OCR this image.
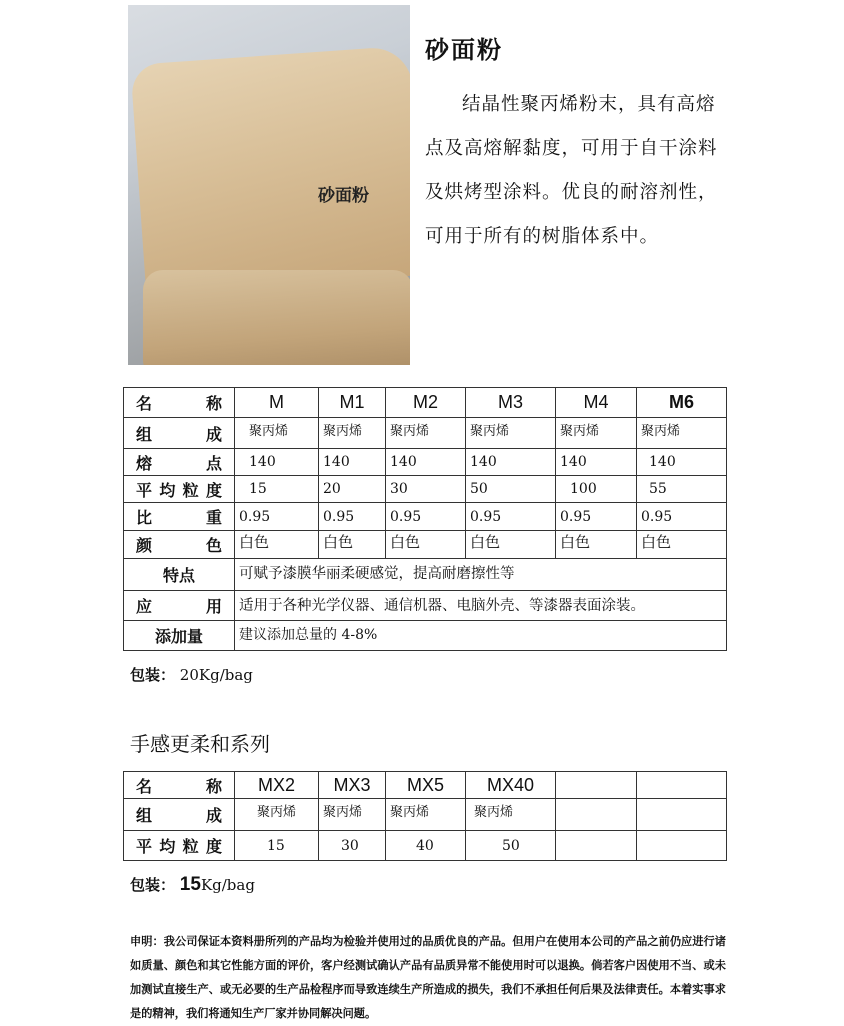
砂面粉
砂面粉
结晶性聚丙烯粉末，具有高熔点及高熔解黏度，可用于自干涂料及烘烤型涂料。优良的耐溶剂性，可用于所有的树脂体系中。
名　称	M	M1	M2	M3	M4	M6
组　成	聚丙烯	聚丙烯	聚丙烯	聚丙烯	聚丙烯	聚丙烯
熔　点	140	140	140	140	140	140
平均粒度	15	20	30	50	100	55
比　重	0.95	0.95	0.95	0.95	0.95	0.95
颜　色	白色	白色	白色	白色	白色	白色
特点	可赋予漆膜华丽柔硬感觉，提高耐磨擦性等					
应　用	适用于各种光学仪器、通信机器、电脑外壳、等漆器表面涂装。					
添加量	建议添加总量的 4-8%					
包装： 20Kg/bag
手感更柔和系列
名　称	MX2	MX3	MX5	MX40		
组　成	聚丙烯	聚丙烯	聚丙烯	聚丙烯		
平均粒度	15	30	40	50		
包装： 15Kg/bag
申明：我公司保证本资料册所列的产品均为检验并使用过的品质优良的产品。但用户在使用本公司的产品之前仍应进行诸如质量、颜色和其它性能方面的评价，客户经测试确认产品有品质异常不能使用时可以退换。倘若客户因使用不当、或未加测试直接生产、或无必要的生产品检程序而导致连续生产所造成的损失，我们不承担任何后果及法律责任。本着实事求是的精神，我们将通知生产厂家并协同解决问题。
